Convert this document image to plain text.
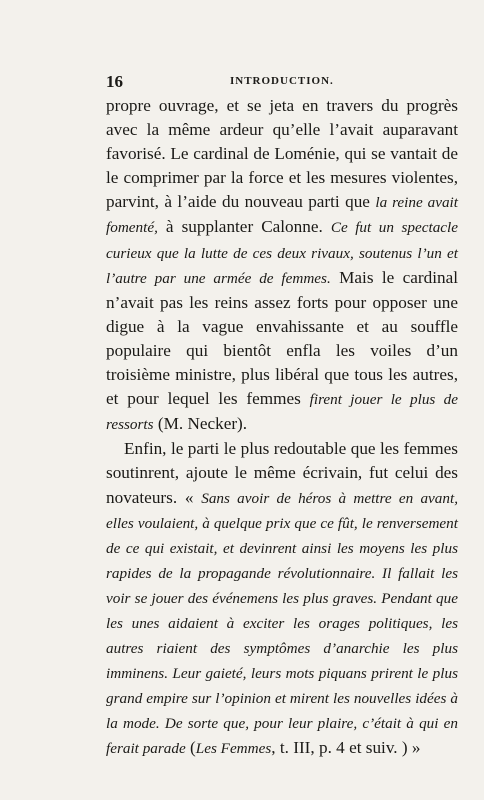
16	INTRODUCTION.

propre ouvrage, et se jeta en travers du progrès avec la même ardeur qu’elle l’avait auparavant favorisé. Le cardinal de Loménie, qui se vantait de le comprimer par la force et les mesures violentes, parvint, à l’aide du nouveau parti que la reine avait fomenté, à supplanter Calonne. Ce fut un spectacle curieux que la lutte de ces deux rivaux, soutenus l’un et l’autre par une armée de femmes. Mais le cardinal n’avait pas les reins assez forts pour opposer une digue à la vague envahissante et au souffle populaire qui bientôt enfla les voiles d’un troisième ministre, plus libéral que tous les autres, et pour lequel les femmes firent jouer le plus de ressorts (M. Necker).

Enfin, le parti le plus redoutable que les femmes soutinrent, ajoute le même écrivain, fut celui des novateurs. « Sans avoir de héros à mettre en avant, elles voulaient, à quelque prix que ce fût, le renversement de ce qui existait, et devinrent ainsi les moyens les plus rapides de la propagande révolutionnaire. Il fallait les voir se jouer des événemens les plus graves. Pendant que les unes aidaient à exciter les orages politiques, les autres riaient des symptômes d’anarchie les plus imminens. Leur gaieté, leurs mots piquans prirent le plus grand empire sur l’opinion et mirent les nouvelles idées à la mode. De sorte que, pour leur plaire, c’était à qui en ferait parade (Les Femmes, t. III, p. 4 et suiv. ) »
